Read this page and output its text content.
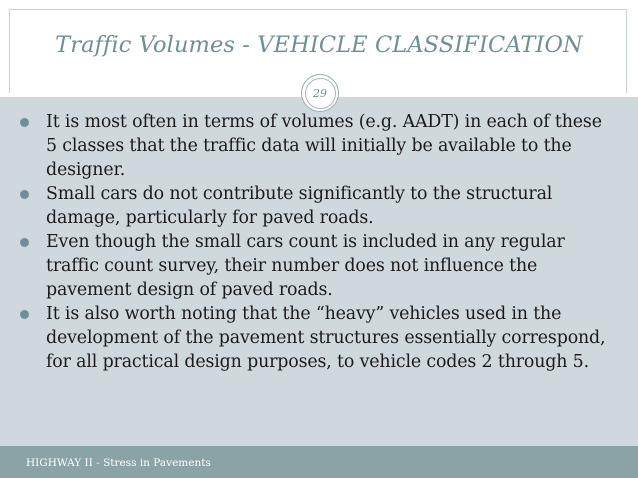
Traffic Volumes - VEHICLE CLASSIFICATION
29
It is most often in terms of volumes (e.g. AADT) in each of these 5 classes that the traffic data will initially be available to the designer.
Small cars do not contribute significantly to the structural damage, particularly for paved roads.
Even though the small cars count is included in any regular traffic count survey, their number does not influence the pavement design of paved roads.
It is also worth noting that the “heavy” vehicles used in the development of the pavement structures essentially correspond, for all practical design purposes, to vehicle codes 2 through 5.
HIGHWAY II - Stress in Pavements
